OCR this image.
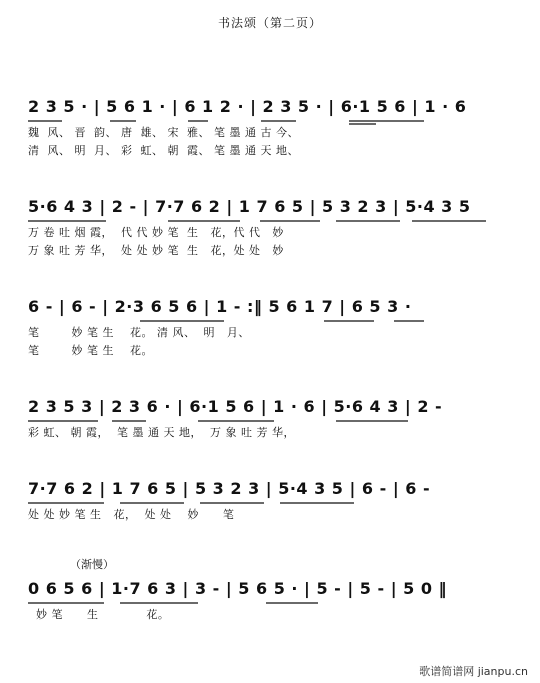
书法颂（第二页）
2 3 5 · | 5 6 1 · | 6 1 2 · | 2 3 5 · | 6·1 5 6 | 1 · 6
魏  风、 晋  韵、 唐  雄、 宋  雅、 笔 墨 通 古 今、
清  风、 明  月、 彩  虹、 朝  霞、 笔 墨 通 天 地、
5·6 4 3 | 2 - | 7·7 6 2 | 1 7 6 5 | 5 3 2 3 | 5·4 3 5
万 卷 吐 烟 霞，  代 代 妙 笔  生   花，代 代   妙
万 象 吐 芳 华，  处 处 妙 笔  生   花，处 处   妙
6 - | 6 - | 2·3 6 5 6 | 1 - :‖ 5 6 1 7 | 6 5 3 ·
笔        妙 笔 生    花。 清 风、  明   月、
笔        妙 笔 生    花。
2 3 5 3 | 2 3 6 · | 6·1 5 6 | 1 · 6 | 5·6 4 3 | 2 -
彩 虹、 朝 霞，  笔 墨 通 天 地，  万 象 吐 芳 华，
7·7 6 2 | 1 7 6 5 | 5 3 2 3 | 5·4 3 5 | 6 - | 6 -
处 处 妙 笔 生   花，  处 处    妙      笔
（渐慢）
0 6 5 6 | 1·7 6 3 | 3 - | 5 6 5 · | 5 - | 5 - | 5 0 ‖
妙 笔      生            花。
歌谱简谱网 jianpu.cn
